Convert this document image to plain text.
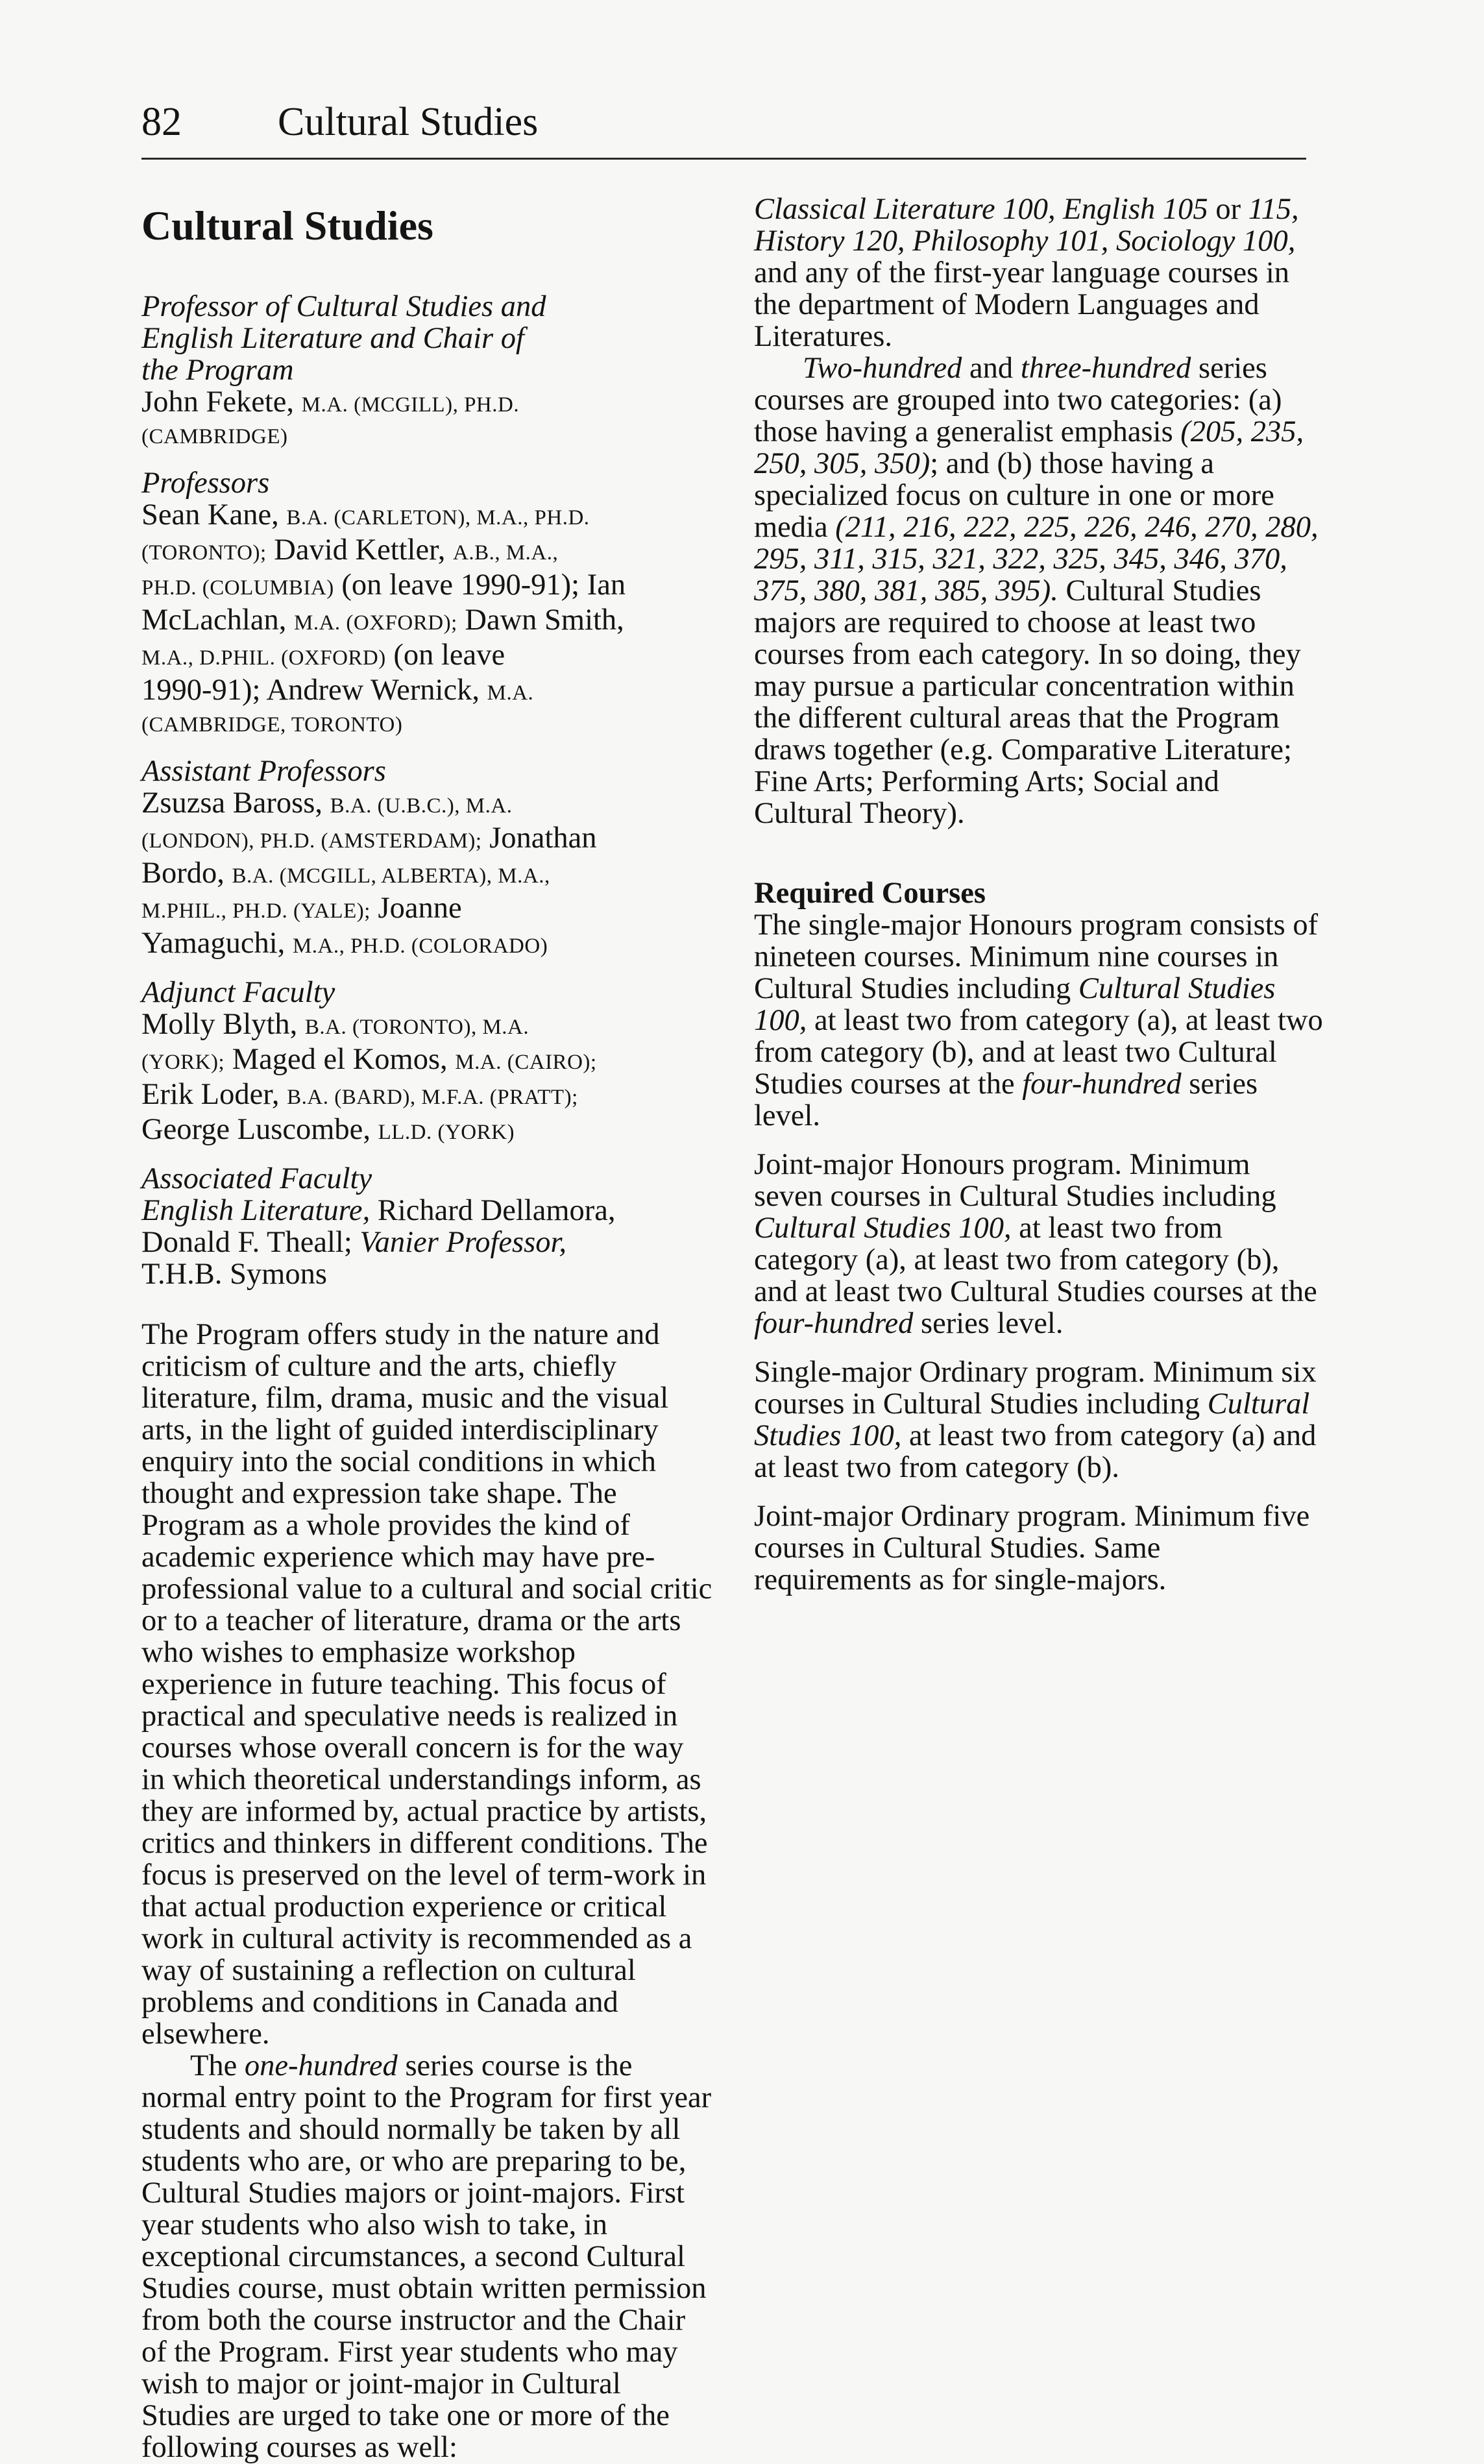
82 Cultural Studies
Cultural Studies
Professor of Cultural Studies and
English Literature and Chair of
the Program
John Fekete, M.A. (MCGILL), PH.D.
(CAMBRIDGE)
Professors
Sean Kane, B.A. (CARLETON), M.A., PH.D.
(TORONTO); David Kettler, A.B., M.A.,
PH.D. (COLUMBIA) (on leave 1990-91); Ian
McLachlan, M.A. (OXFORD); Dawn Smith,
M.A., D.PHIL. (OXFORD) (on leave
1990-91); Andrew Wernick, M.A.
(CAMBRIDGE, TORONTO)
Assistant Professors
Zsuzsa Baross, B.A. (U.B.C.), M.A.
(LONDON), PH.D. (AMSTERDAM); Jonathan
Bordo, B.A. (MCGILL, ALBERTA), M.A.,
M.PHIL., PH.D. (YALE); Joanne
Yamaguchi, M.A., PH.D. (COLORADO)
Adjunct Faculty
Molly Blyth, B.A. (TORONTO), M.A.
(YORK); Maged el Komos, M.A. (CAIRO);
Erik Loder, B.A. (BARD), M.F.A. (PRATT);
George Luscombe, LL.D. (YORK)
Associated Faculty
English Literature, Richard Dellamora,
Donald F. Theall; Vanier Professor,
T.H.B. Symons

The Program offers study in the nature and criticism of culture and the arts, chiefly literature, film, drama, music and the visual arts, in the light of guided interdisciplinary enquiry into the social conditions in which thought and expression take shape. The Program as a whole provides the kind of academic experience which may have pre-professional value to a cultural and social critic or to a teacher of literature, drama or the arts who wishes to emphasize workshop experience in future teaching. This focus of practical and speculative needs is realized in courses whose overall concern is for the way in which theoretical understandings inform, as they are informed by, actual practice by artists, critics and thinkers in different conditions. The focus is preserved on the level of term-work in that actual production experience or critical work in cultural activity is recommended as a way of sustaining a reflection on cultural problems and conditions in Canada and elsewhere.

The one-hundred series course is the normal entry point to the Program for first year students and should normally be taken by all students who are, or who are preparing to be, Cultural Studies majors or joint-majors. First year students who also wish to take, in exceptional circumstances, a second Cultural Studies course, must obtain written permission from both the course instructor and the Chair of the Program. First year students who may wish to major or joint-major in Cultural Studies are urged to take one or more of the following courses as well:

Classical Literature 100, English 105 or 115, History 120, Philosophy 101, Sociology 100, and any of the first-year language courses in the department of Modern Languages and Literatures.

Two-hundred and three-hundred series courses are grouped into two categories: (a) those having a generalist emphasis (205, 235, 250, 305, 350); and (b) those having a specialized focus on culture in one or more media (211, 216, 222, 225, 226, 246, 270, 280, 295, 311, 315, 321, 322, 325, 345, 346, 370, 375, 380, 381, 385, 395). Cultural Studies majors are required to choose at least two courses from each category. In so doing, they may pursue a particular concentration within the different cultural areas that the Program draws together (e.g. Comparative Literature; Fine Arts; Performing Arts; Social and Cultural Theory).

Required Courses

The single-major Honours program consists of nineteen courses. Minimum nine courses in Cultural Studies including Cultural Studies 100, at least two from category (a), at least two from category (b), and at least two Cultural Studies courses at the four-hundred series level.

Joint-major Honours program. Minimum seven courses in Cultural Studies including Cultural Studies 100, at least two from category (a), at least two from category (b), and at least two Cultural Studies courses at the four-hundred series level.

Single-major Ordinary program. Minimum six courses in Cultural Studies including Cultural Studies 100, at least two from category (a) and at least two from category (b).

Joint-major Ordinary program. Minimum five courses in Cultural Studies. Same requirements as for single-majors.
